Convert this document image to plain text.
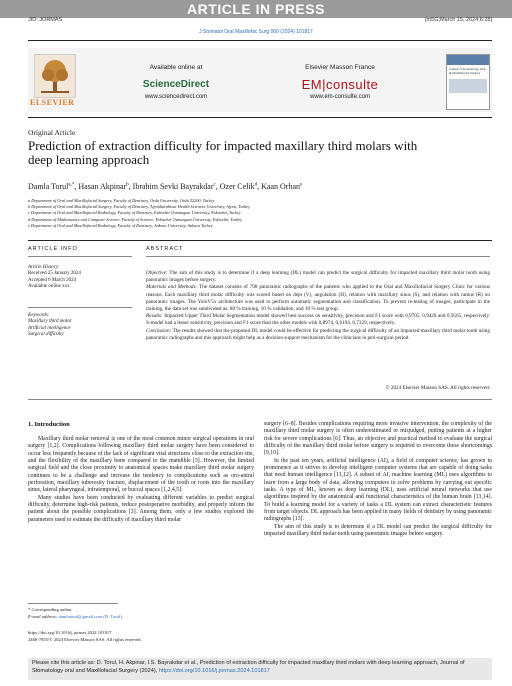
ARTICLE IN PRESS
JID: JORMAS	[m5G;March 15, 2024;6:28]
J Stomatol Oral Maxillofac Surg 000 (2024) 101817
ELSEVIER
Available online at
ScienceDirect
www.sciencedirect.com
Elsevier Masson France
EM|consulte
www.em-consulte.com
Journal of Stomatology Oral & Maxillofacial Surgery
Original Article
Prediction of extraction difficulty for impacted maxillary third molars with deep learning approach
Damla Torul$^{a,*}$, Hasan Akpinar$^b$, Ibrahim Sevki Bayrakdar$^c$, Ozer Celik$^d$, Kaan Orhan$^e$
a Department of Oral and Maxillofacial Surgery, Faculty of Dentistry, Ordu University, Ordu 52200, Turkey
b Department of Oral and Maxillofacial Surgery, Faculty of Dentistry, Afyonkarahisar Health Sciences University, Afyon, Turkey
c Department of Oral and Maxillofacial Radiology, Faculty of Dentistry, Eskisehir Osmangazi University, Eskisehir, Turkey
d Department of Mathematics and Computer Science, Faculty of Science, Eskisehir Osmangazi University, Eskisehir, Turkey
e Department of Oral and Maxillofacial Radiology, Faculty of Dentistry, Ankara University, Ankara Turkey
ARTICLE INFO
Article History:
Received 25 January 2024
Accepted 6 March 2024
Available online xxx
Keywords:
Maxillary third molar
Artificial intelligence
Surgical difficulty
ABSTRACT
Objective: The aim of this study is to determine if a deep learning (DL) model can predict the surgical difficulty for impacted maxillary third molar tooth using panoramic images before surgery.
Materials and Methods: The dataset consists of 708 panoramic radiographs of the patients who applied to the Oral and Maxillofacial Surgery Clinic for various reasons. Each maxillary third molar difficulty was scored based on dept (V), angulation (H), relation with maxillary sinus (S), and relation with ramus (R) on panoramic images. The YoloV5x architecture was used to perform automatic segmentation and classification. To prevent re-testing of images, participate in the training, the data set was subdivided as: 80 % training, 10 % validation, and 10 % test group.
Results: Impacted Upper Third Molar Segmentation model showed best success on sensitivity, precision and F1 score with 0,9705, 0,9428 and 0,9565, respectively. S-model had a lesser sensitivity, precision and F1 score than the other models with 0,8974, 0,6194, 0,7329, respectively.
Conclusion: The results showed that the proposed DL model could be effective for predicting the surgical difficulty of an impacted maxillary third molar tooth using panoramic radiographs and this approach might help as a decision support mechanism for the clinicians in peri-surgical period.
© 2024 Elsevier Masson SAS. All rights reserved.
1. Introduction

Maxillary third molar removal is one of the most common minor surgical operations in oral surgery [1,2]. Complications following maxillary third molar surgery have been considered to occur less frequently because of the lack of significant vital structures close to the extraction site, and the flexibility of the maxillary bone compared to the mandible [3]. However, the limited surgical field and the close proximity to anatomical spaces make maxillary third molar surgery continues to be a challenge and increase the tendency to complications such as oro-antral perforation, maxillary tuberosity fracture, displacement of the tooth or roots into the maxillary sinus, lateral pharyngeal, infratemporal, or buccal spaces [1,2,4,5].

Many studies have been conducted by evaluating different variables to predict surgical difficulty, determine high-risk patients, reduce postoperative morbidity, and properly inform the patient about the possible complications [3]. Among them, only a few studies explored the parameters used to estimate the difficulty of maxillary third molar

surgery [6–8]. Besides complications requiring more invasive intervention, the complexity of the maxillary third molar surgery is often underestimated or misjudged, putting patients at a higher risk for severe complications [6]. Thus, an objective and practical method to evaluate the surgical difficulty of the maxillary third molar before surgery is required to overcome these shortcomings [9,10].

In the past ten years, artificial intelligence (AI), a field of computer science, has grown in prominence as it strives to develop intelligent computer systems that are capable of doing tasks that need human intelligence [11,12]. A subset of AI, machine learning (ML) uses algorithms to learn from a large body of data, allowing computers to solve problems by carrying out specific tasks. A type of ML, known as deep learning (DL), uses artificial neural networks that use algorithms inspired by the anatomical and functional characteristics of the human brain [13,14]. To build a learning model for a variety of tasks a DL system can extract characteristic features from target objects. DL approach has been applied in many fields of dentistry by using panoramic radiographs [13].

The aim of this study is to determine if a DL model can predict the surgical difficulty for impacted maxillary third molar tooth using panoramic images before surgery.

* Corresponding author.
E-mail address: damlatorul@gmail.com (D. Torul).
https://doi.org/10.1016/j.jormas.2024.101817
2468-7855/© 2024 Elsevier Masson SAS. All rights reserved.
Please cite this article as: D. Torul, H. Akpinar, I.S. Bayrakdar et al., Prediction of extraction difficulty for impacted maxillary third molars with deep learning approach, Journal of Stomatology oral and Maxillofacial Surgery (2024), https://doi.org/10.1016/j.jormas.2024.101817
